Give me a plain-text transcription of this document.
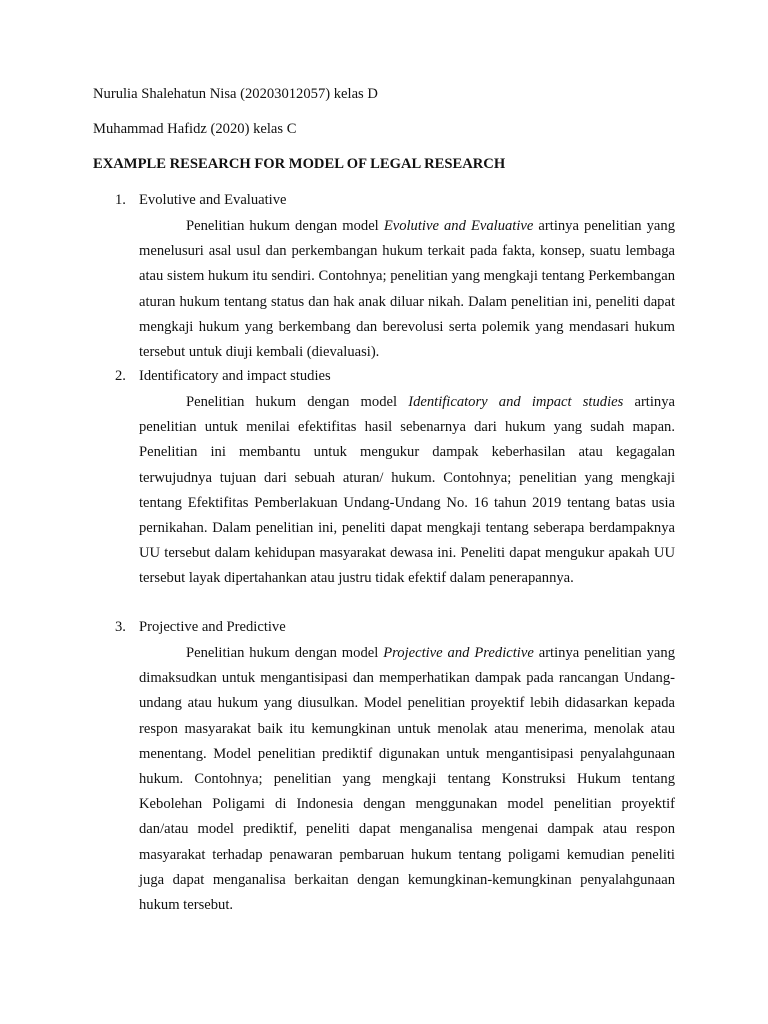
Nurulia Shalehatun Nisa (20203012057) kelas D
Muhammad Hafidz (2020) kelas C
EXAMPLE RESEARCH FOR MODEL OF LEGAL RESEARCH
1. Evolutive and Evaluative

Penelitian hukum dengan model Evolutive and Evaluative artinya penelitian yang menelusuri asal usul dan perkembangan hukum terkait pada fakta, konsep, suatu lembaga atau sistem hukum itu sendiri. Contohnya; penelitian yang mengkaji tentang Perkembangan aturan hukum tentang status dan hak anak diluar nikah. Dalam penelitian ini, peneliti dapat mengkaji hukum yang berkembang dan berevolusi serta polemik yang mendasari hukum tersebut untuk diuji kembali (dievaluasi).

2. Identificatory and impact studies

Penelitian hukum dengan model Identificatory and impact studies artinya penelitian untuk menilai efektifitas hasil sebenarnya dari hukum yang sudah mapan. Penelitian ini membantu untuk mengukur dampak keberhasilan atau kegagalan terwujudnya tujuan dari sebuah aturan/ hukum. Contohnya; penelitian yang mengkaji tentang Efektifitas Pemberlakuan Undang-Undang No. 16 tahun 2019 tentang batas usia pernikahan. Dalam penelitian ini, peneliti dapat mengkaji tentang seberapa berdampaknya UU tersebut dalam kehidupan masyarakat dewasa ini. Peneliti dapat mengukur apakah UU tersebut layak dipertahankan atau justru tidak efektif dalam penerapannya.

3. Projective and Predictive

Penelitian hukum dengan model Projective and Predictive artinya penelitian yang dimaksudkan untuk mengantisipasi dan memperhatikan dampak pada rancangan Undang-undang atau hukum yang diusulkan. Model penelitian proyektif lebih didasarkan kepada respon masyarakat baik itu kemungkinan untuk menolak atau menerima, menolak atau menentang. Model penelitian prediktif digunakan untuk mengantisipasi penyalahgunaan hukum. Contohnya; penelitian yang mengkaji tentang Konstruksi Hukum tentang Kebolehan Poligami di Indonesia dengan menggunakan model penelitian proyektif dan/atau model prediktif, peneliti dapat menganalisa mengenai dampak atau respon masyarakat terhadap penawaran pembaruan hukum tentang poligami kemudian peneliti juga dapat menganalisa berkaitan dengan kemungkinan-kemungkinan penyalahgunaan hukum tersebut.
